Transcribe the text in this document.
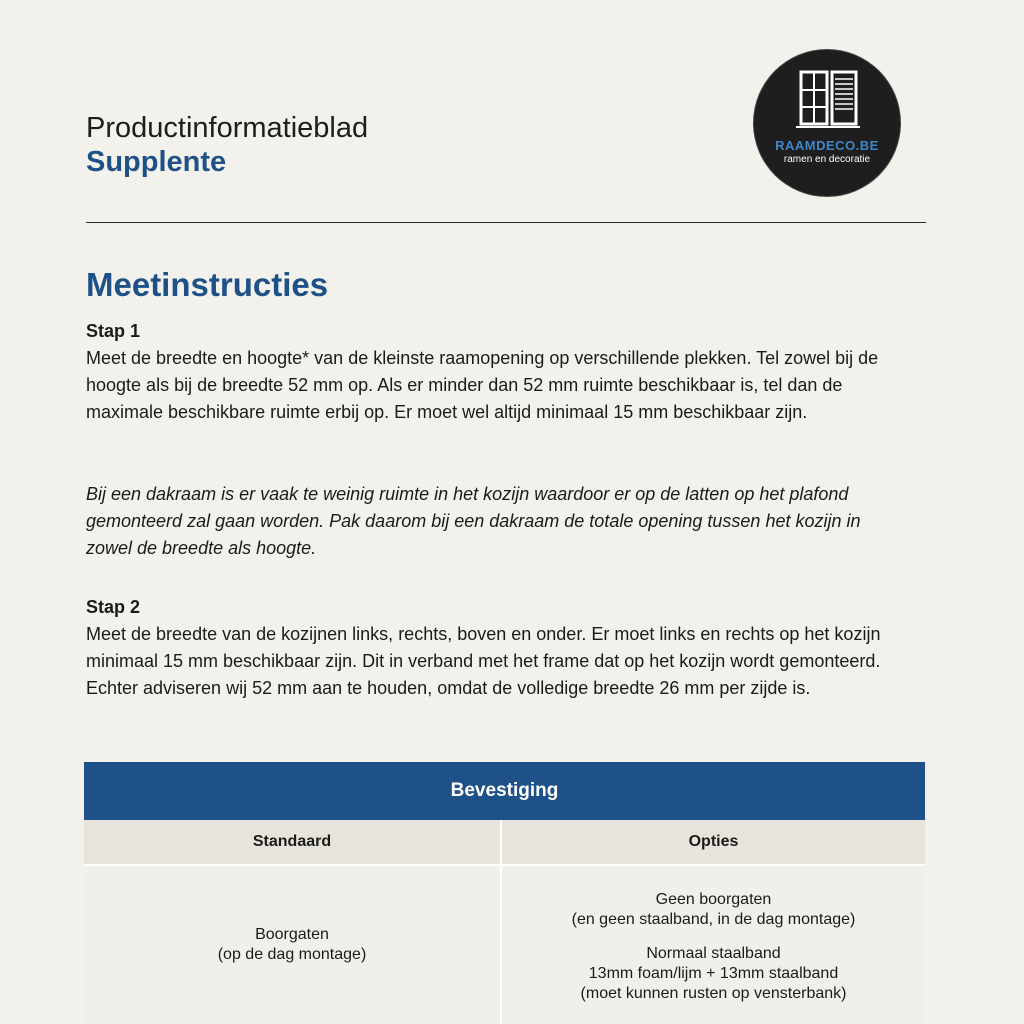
Productinformatieblad
Supplente
RAAMDECO.BE
ramen en decoratie
Meetinstructies
Stap 1
Meet de breedte en hoogte* van de kleinste raamopening op verschillende plekken. Tel zowel bij de hoogte als bij de breedte 52 mm op. Als er minder dan 52 mm ruimte beschikbaar is, tel dan de maximale beschikbare ruimte erbij op. Er moet wel altijd minimaal 15 mm beschikbaar zijn.
Bij een dakraam is er vaak te weinig ruimte in het kozijn waardoor er op de latten op het plafond gemonteerd zal gaan worden. Pak daarom bij een dakraam de totale opening tussen het kozijn in zowel de breedte als hoogte.
Stap 2
Meet de breedte van de kozijnen links, rechts, boven en onder. Er moet links en rechts op het kozijn minimaal 15 mm beschikbaar zijn. Dit in verband met het frame dat op het kozijn wordt gemonteerd. Echter adviseren wij 52 mm aan te houden, omdat de volledige breedte 26 mm per zijde is.
Bevestiging
Standaard	Opties
Boorgaten
(op de dag montage)
Geen boorgaten
(en geen staalband, in de dag montage)
Normaal staalband
13mm foam/lijm + 13mm staalband
(moet kunnen rusten op vensterbank)
